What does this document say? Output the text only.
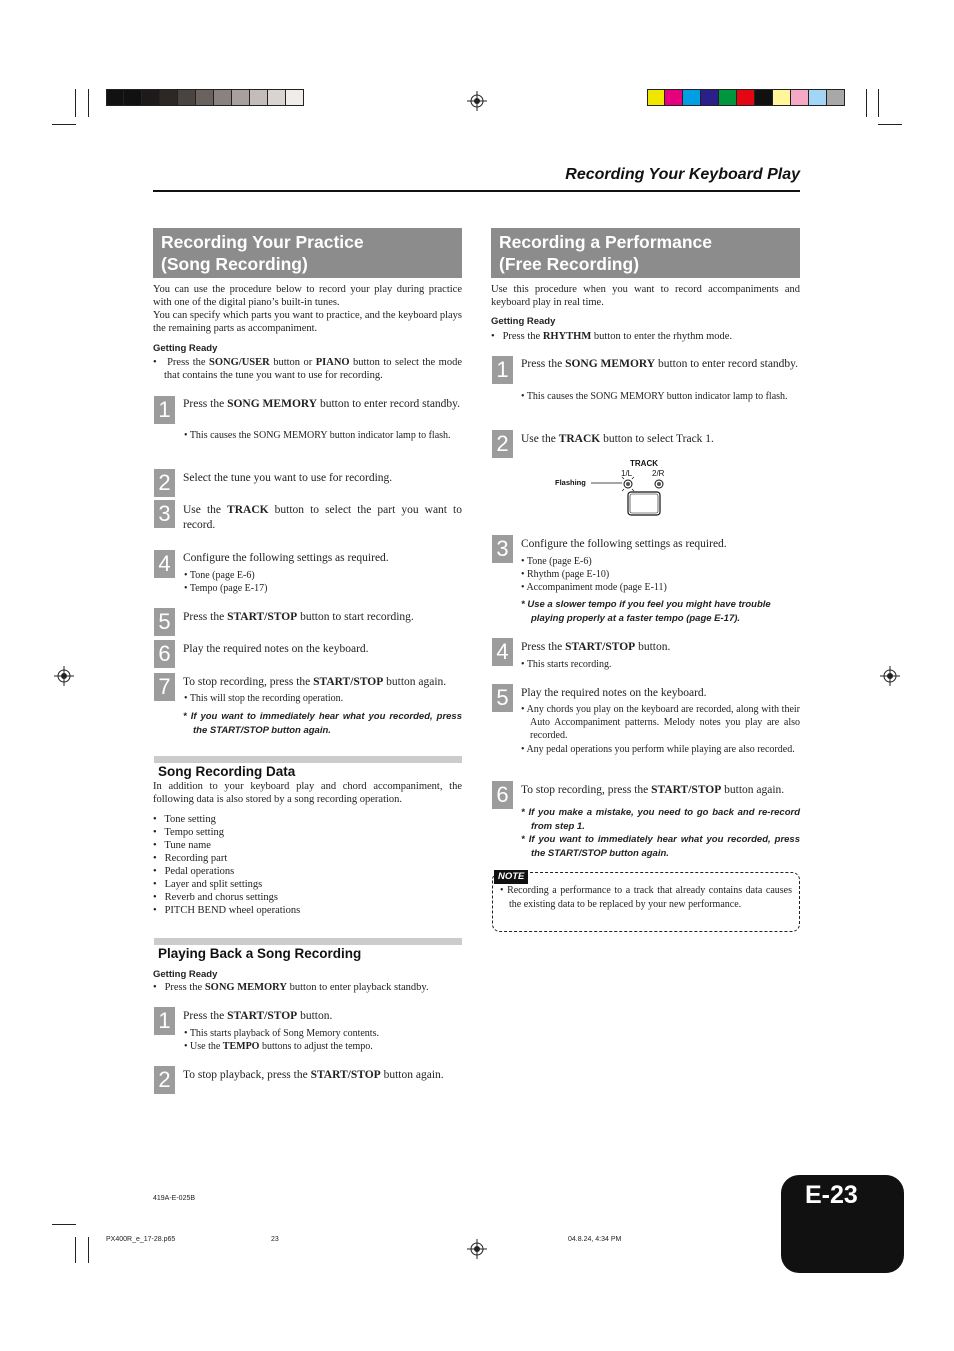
Recording Your Keyboard Play
Recording Your Practice
(Song Recording)
You can use the procedure below to record your play during practice with one of the digital piano’s built-in tunes.
You can specify which parts you want to practice, and the keyboard plays the remaining parts as accompaniment.
Getting Ready
•   Press the SONG/USER button or PIANO button to select the mode that contains the tune you want to use for recording.
1	Press the SONG MEMORY button to enter record standby.
• This causes the SONG MEMORY button indicator lamp to flash.
2	Select the tune you want to use for recording.
3	Use the TRACK button to select the part you want to record.
4	Configure the following settings as required.
• Tone (page E-6)
• Tempo (page E-17)
5	Press the START/STOP button to start recording.
6	Play the required notes on the keyboard.
7	To stop recording, press the START/STOP button again.
• This will stop the recording operation.
* If you want to immediately hear what you recorded, press the START/STOP button again.
Song Recording Data
In addition to your keyboard play and chord accompaniment, the following data is also stored by a song recording operation.
•   Tone setting
•   Tempo setting
•   Tune name
•   Recording part
•   Pedal operations
•   Layer and split settings
•   Reverb and chorus settings
•   PITCH BEND wheel operations
Playing Back a Song Recording
Getting Ready
•   Press the SONG MEMORY button to enter playback standby.
1	Press the START/STOP button.
• This starts playback of Song Memory contents.
• Use the TEMPO buttons to adjust the tempo.
2	To stop playback, press the START/STOP button again.
Recording a Performance
(Free Recording)
Use this procedure when you want to record accompaniments and keyboard play in real time.
Getting Ready
•   Press the RHYTHM button to enter the rhythm mode.
1	Press the SONG MEMORY button to enter record standby.
• This causes the SONG MEMORY button indicator lamp to flash.
2	Use the TRACK button to select Track 1.
TRACK
1/L 2/R
Flashing
3	Configure the following settings as required.
• Tone (page E-6)
• Rhythm (page E-10)
• Accompaniment mode (page E-11)
* Use a slower tempo if you feel you might have trouble playing properly at a faster tempo (page E-17).
4	Press the START/STOP button.
• This starts recording.
5	Play the required notes on the keyboard.
• Any chords you play on the keyboard are recorded, along with their Auto Accompaniment patterns. Melody notes you play are also recorded.
• Any pedal operations you perform while playing are also recorded.
6	To stop recording, press the START/STOP button again.
* If you make a mistake, you need to go back and re-record from step 1.
* If you want to immediately hear what you recorded, press the START/STOP button again.
NOTE
• Recording a performance to a track that already contains data causes the existing data to be replaced by your new performance.
419A-E-025B
PX400R_e_17-28.p65	23	04.8.24, 4:34 PM
E-23
